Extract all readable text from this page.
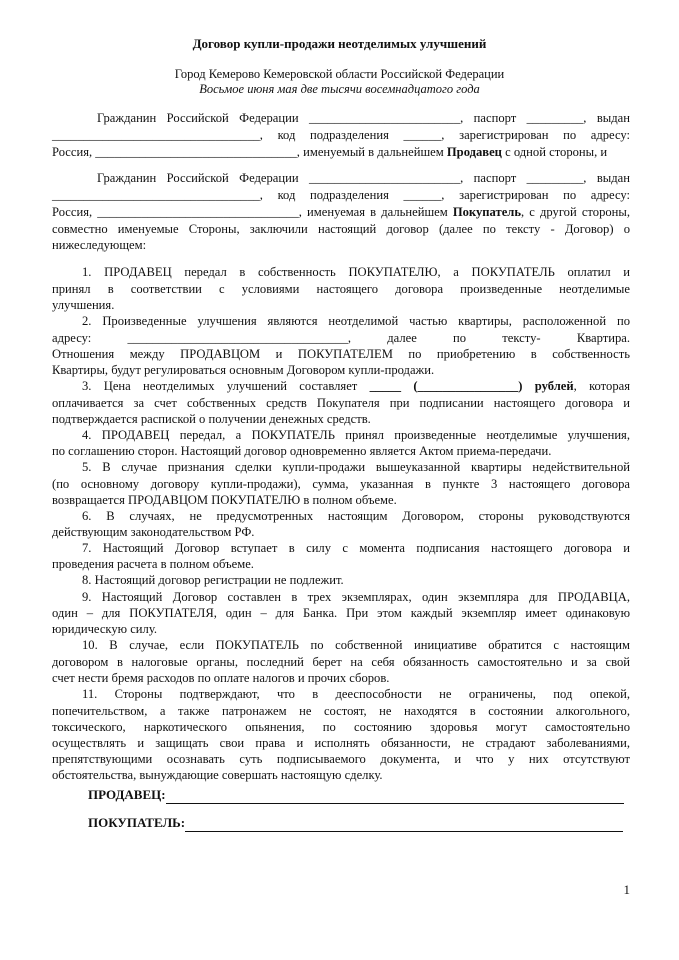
Договор купли-продажи неотделимых улучшений
Город Кемерово Кемеровской области Российской Федерации
Восьмое июня мая две тысячи восемнадцатого года
Гражданин Российской Федерации ________________________, паспорт _________, выдан
_________________________________, код подразделения ______, зарегистрирован по адресу:
Россия, ________________________________, именуемый в дальнейшем Продавец с одной стороны, и
Гражданин Российской Федерации ________________________, паспорт _________, выдан
_________________________________, код подразделения ______, зарегистрирован по адресу:
Россия, ________________________________, именуемая в дальнейшем Покупатель, с другой стороны,
совместно именуемые Стороны, заключили настоящий договор (далее по тексту - Договор) о
нижеследующем:
1. ПРОДАВЕЦ передал в собственность ПОКУПАТЕЛЮ, а ПОКУПАТЕЛЬ оплатил и
принял в соответствии с условиями настоящего договора произведенные неотделимые
улучшения.
2. Произведенные улучшения являются неотделимой частью квартиры, расположенной по
адресу: ___________________________________, далее по тексту- Квартира.
Отношения между ПРОДАВЦОМ и ПОКУПАТЕЛЕМ по приобретению в собственность
Квартиры, будут регулироваться основным Договором купли-продажи.
3. Цена неотделимых улучшений составляет _____ (________________) рублей, которая
оплачивается за счет собственных средств Покупателя при подписании настоящего договора и
подтверждается распиской о получении денежных средств.
4. ПРОДАВЕЦ передал, а ПОКУПАТЕЛЬ принял произведенные неотделимые улучшения,
по соглашению сторон. Настоящий договор одновременно является Актом приема-передачи.
5. В случае признания сделки купли-продажи вышеуказанной квартиры недействительной
(по основному договору купли-продажи), сумма, указанная в пункте 3 настоящего договора
возвращается ПРОДАВЦОМ ПОКУПАТЕЛЮ в полном объеме.
6. В случаях, не предусмотренных настоящим Договором, стороны руководствуются
действующим законодательством РФ.
7. Настоящий Договор вступает в силу с момента подписания настоящего договора и
проведения расчета в полном объеме.
8. Настоящий договор регистрации не подлежит.
9. Настоящий Договор составлен в трех экземплярах, один экземпляра для ПРОДАВЦА,
один – для ПОКУПАТЕЛЯ, один – для Банка. При этом каждый экземпляр имеет одинаковую
юридическую силу.
10. В случае, если ПОКУПАТЕЛЬ по собственной инициативе обратится с настоящим
договором в налоговые органы, последний берет на себя обязанность самостоятельно и за свой
счет нести бремя расходов по оплате налогов и прочих сборов.
11. Стороны подтверждают, что в дееспособности не ограничены, под опекой,
попечительством, а также патронажем не состоят, не находятся в состоянии алкогольного,
токсического, наркотического опьянения, по состоянию здоровья могут самостоятельно
осуществлять и защищать свои права и исполнять обязанности, не страдают заболеваниями,
препятствующими осознавать суть подписываемого документа, и что у них отсутствуют
обстоятельства, вынуждающие совершать настоящую сделку.
ПРОДАВЕЦ:
ПОКУПАТЕЛЬ:
1
